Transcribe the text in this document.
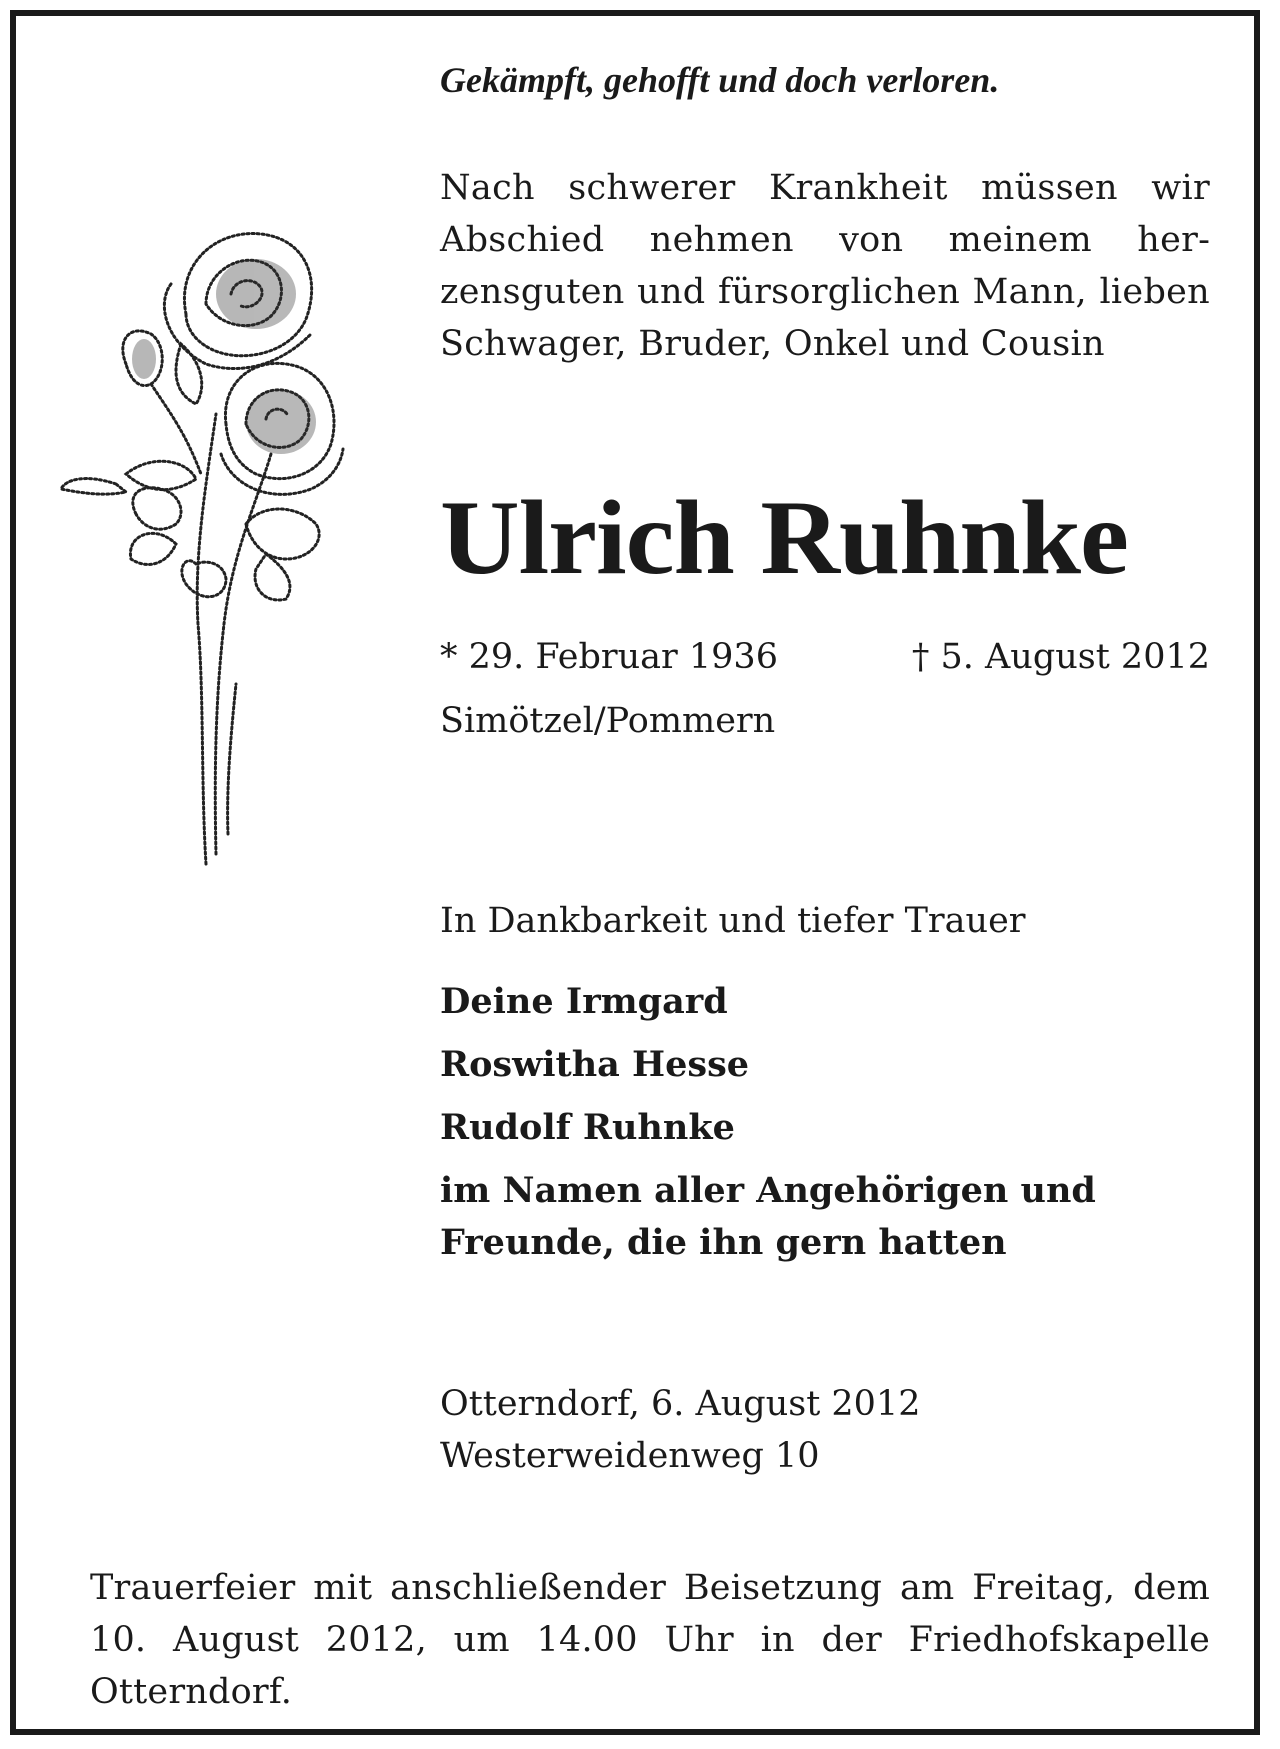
Gekämpft, gehofft und doch verloren.
Nach schwerer Krankheit müssen wir Abschied nehmen von meinem herzensguten und fürsorglichen Mann, lieben Schwager, Bruder, Onkel und Cousin
Ulrich Ruhnke
* 29. Februar 1936	† 5. August 2012
Simötzel/Pommern
In Dankbarkeit und tiefer Trauer
Deine Irmgard
Roswitha Hesse
Rudolf Ruhnke
im Namen aller Angehörigen und Freunde, die ihn gern hatten
Otterndorf, 6. August 2012
Westerweidenweg 10
Trauerfeier mit anschließender Beisetzung am Freitag, dem 10. August 2012, um 14.00 Uhr in der Friedhofskapelle Otterndorf.
